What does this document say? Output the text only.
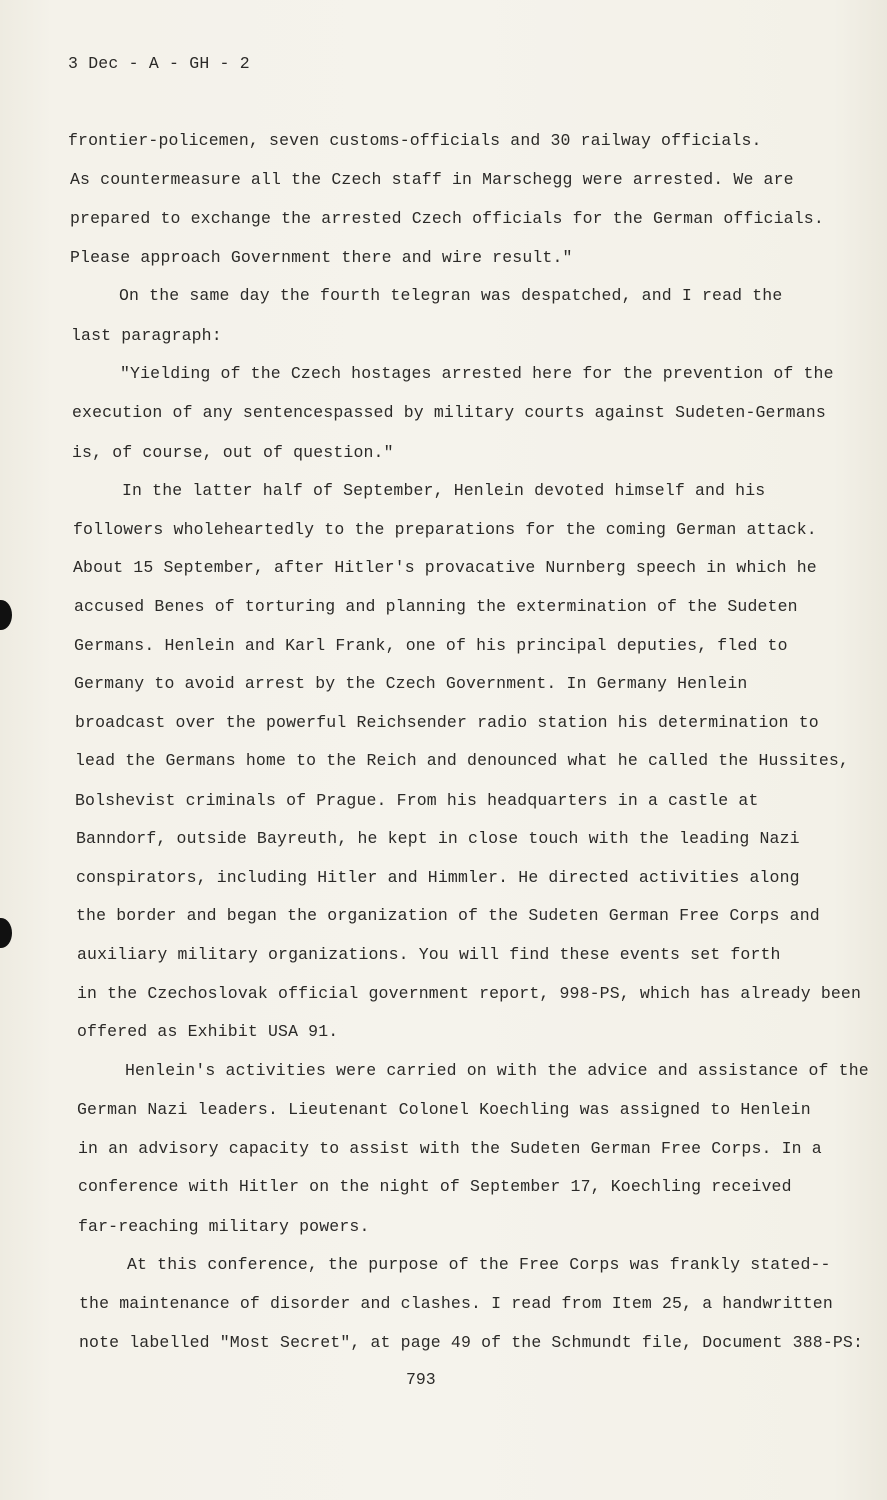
3 Dec - A - GH - 2
frontier-policemen, seven customs-officials and 30 railway officials.
As countermeasure all the Czech staff in Marschegg were arrested. We are
prepared to exchange the arrested Czech officials for the German officials.
Please approach Government there and wire result."
On the same day the fourth telegran was despatched, and I read the
last paragraph:
"Yielding of the Czech hostages arrested here for the prevention of the
execution of any sentencespassed by military courts against Sudeten-Germans
is, of course, out of question."
In the latter half of September, Henlein devoted himself and his
followers wholeheartedly to the preparations for the coming German attack.
About 15 September, after Hitler's provacative Nurnberg speech in which he
accused Benes of torturing and planning the extermination of the Sudeten
Germans. Henlein and Karl Frank, one of his principal deputies, fled to
Germany to avoid arrest by the Czech Government. In Germany Henlein
broadcast over the powerful Reichsender radio station his determination to
lead the Germans home to the Reich and denounced what he called the Hussites,
Bolshevist criminals of Prague. From his headquarters in a castle at
Banndorf, outside Bayreuth, he kept in close touch with the leading Nazi
conspirators, including Hitler and Himmler. He directed activities along
the border and began the organization of the Sudeten German Free Corps and
auxiliary military organizations. You will find these events set forth
in the Czechoslovak official government report, 998-PS, which has already been
offered as Exhibit USA 91.
Henlein's activities were carried on with the advice and assistance of the
German Nazi leaders. Lieutenant Colonel Koechling was assigned to Henlein
in an advisory capacity to assist with the Sudeten German Free Corps. In a
conference with Hitler on the night of September 17, Koechling received
far-reaching military powers.
At this conference, the purpose of the Free Corps was frankly stated--
the maintenance of disorder and clashes. I read from Item 25, a handwritten
note labelled "Most Secret", at page 49 of the Schmundt file, Document 388-PS:
793
